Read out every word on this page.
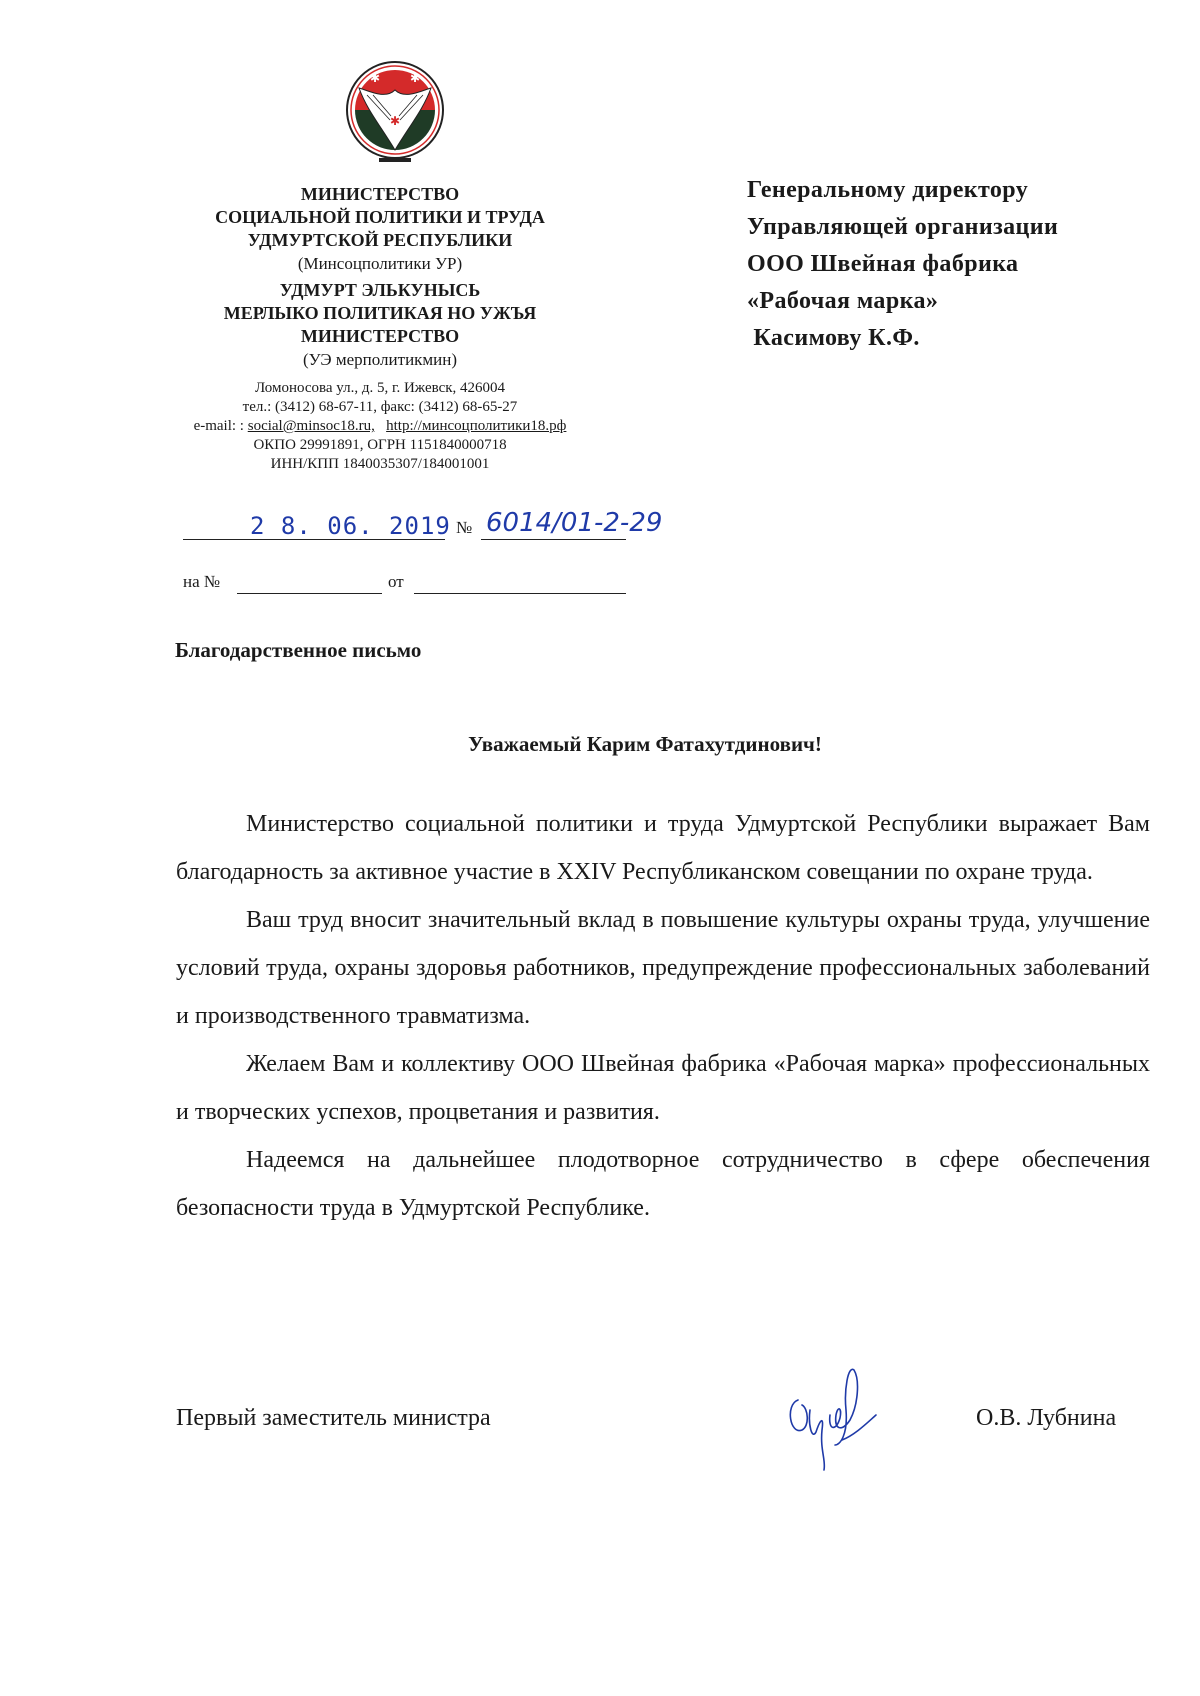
✱ ✱
✱
МИНИСТЕРСТВО
СОЦИАЛЬНОЙ ПОЛИТИКИ И ТРУДА
УДМУРТСКОЙ РЕСПУБЛИКИ
(Минсоцполитики УР)
УДМУРТ ЭЛЬКУНЫСЬ
МЕРЛЫКО ПОЛИТИКАЯ НО УЖЪЯ
МИНИСТЕРСТВО
(УЭ мерполитикмин)
Ломоносова ул., д. 5, г. Ижевск, 426004
тел.: (3412) 68-67-11, факс: (3412) 68-65-27
e-mail: : social@minsoc18.ru, http://минсоцполитики18.рф
ОКПО 29991891, ОГРН 1151840000718
ИНН/КПП 1840035307/184001001
2 8. 06. 2019 № 6014/01-2-29
на №	от
Генеральному директору
Управляющей организации
ООО Швейная фабрика
«Рабочая марка»
Касимову К.Ф.
Благодарственное письмо
Уважаемый Карим Фатахутдинович!

Министерство социальной политики и труда Удмуртской Республики выражает Вам благодарность за активное участие в XXIV Республиканском совещании по охране труда.

Ваш труд вносит значительный вклад в повышение культуры охраны труда, улучшение условий труда, охраны здоровья работников, предупреждение профессиональных заболеваний и производственного травматизма.

Желаем Вам и коллективу ООО Швейная фабрика «Рабочая марка» профессиональных и творческих успехов, процветания и развития.

Надеемся на дальнейшее плодотворное сотрудничество в сфере обеспечения безопасности труда в Удмуртской Республике.

Первый заместитель министра	О.В. Лубнина
